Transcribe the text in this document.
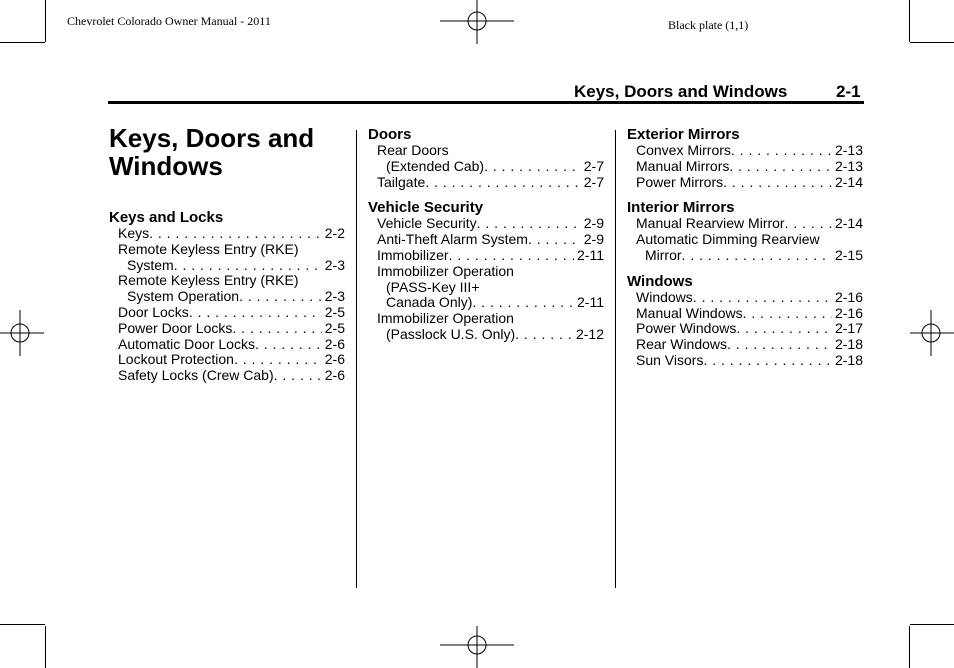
Chevrolet Colorado Owner Manual - 2011	Black plate (1,1)
Keys, Doors and Windows	2-1
Keys, Doors and Windows
Keys and Locks
Keys . . .	2-2
Remote Keyless Entry (RKE)
System . . .	2-3
Remote Keyless Entry (RKE)
System Operation . . .	2-3
Door Locks . . .	2-5
Power Door Locks . . .	2-5
Automatic Door Locks . . .	2-6
Lockout Protection . . .	2-6
Safety Locks (Crew Cab) . . .	. 2-6
Doors
Rear Doors
(Extended Cab) . . .	2-7
Tailgate . . .	2-7
Vehicle Security
Vehicle Security . . .	2-9
Anti-Theft Alarm System . . .	2-9
Immobilizer . . .	2-11
Immobilizer Operation
(PASS-Key III+
Canada Only) . . .	2-11
Immobilizer Operation
(Passlock U.S. Only) . . .	2-12
Exterior Mirrors
Convex Mirrors . . .	2-13
Manual Mirrors . . .	2-13
Power Mirrors . . .	2-14
Interior Mirrors
Manual Rearview Mirror . . .	2-14
Automatic Dimming Rearview
Mirror . . .	2-15
Windows
Windows . . .	2-16
Manual Windows . . .	2-16
Power Windows . . .	2-17
Rear Windows . . .	2-18
Sun Visors . . .	2-18
